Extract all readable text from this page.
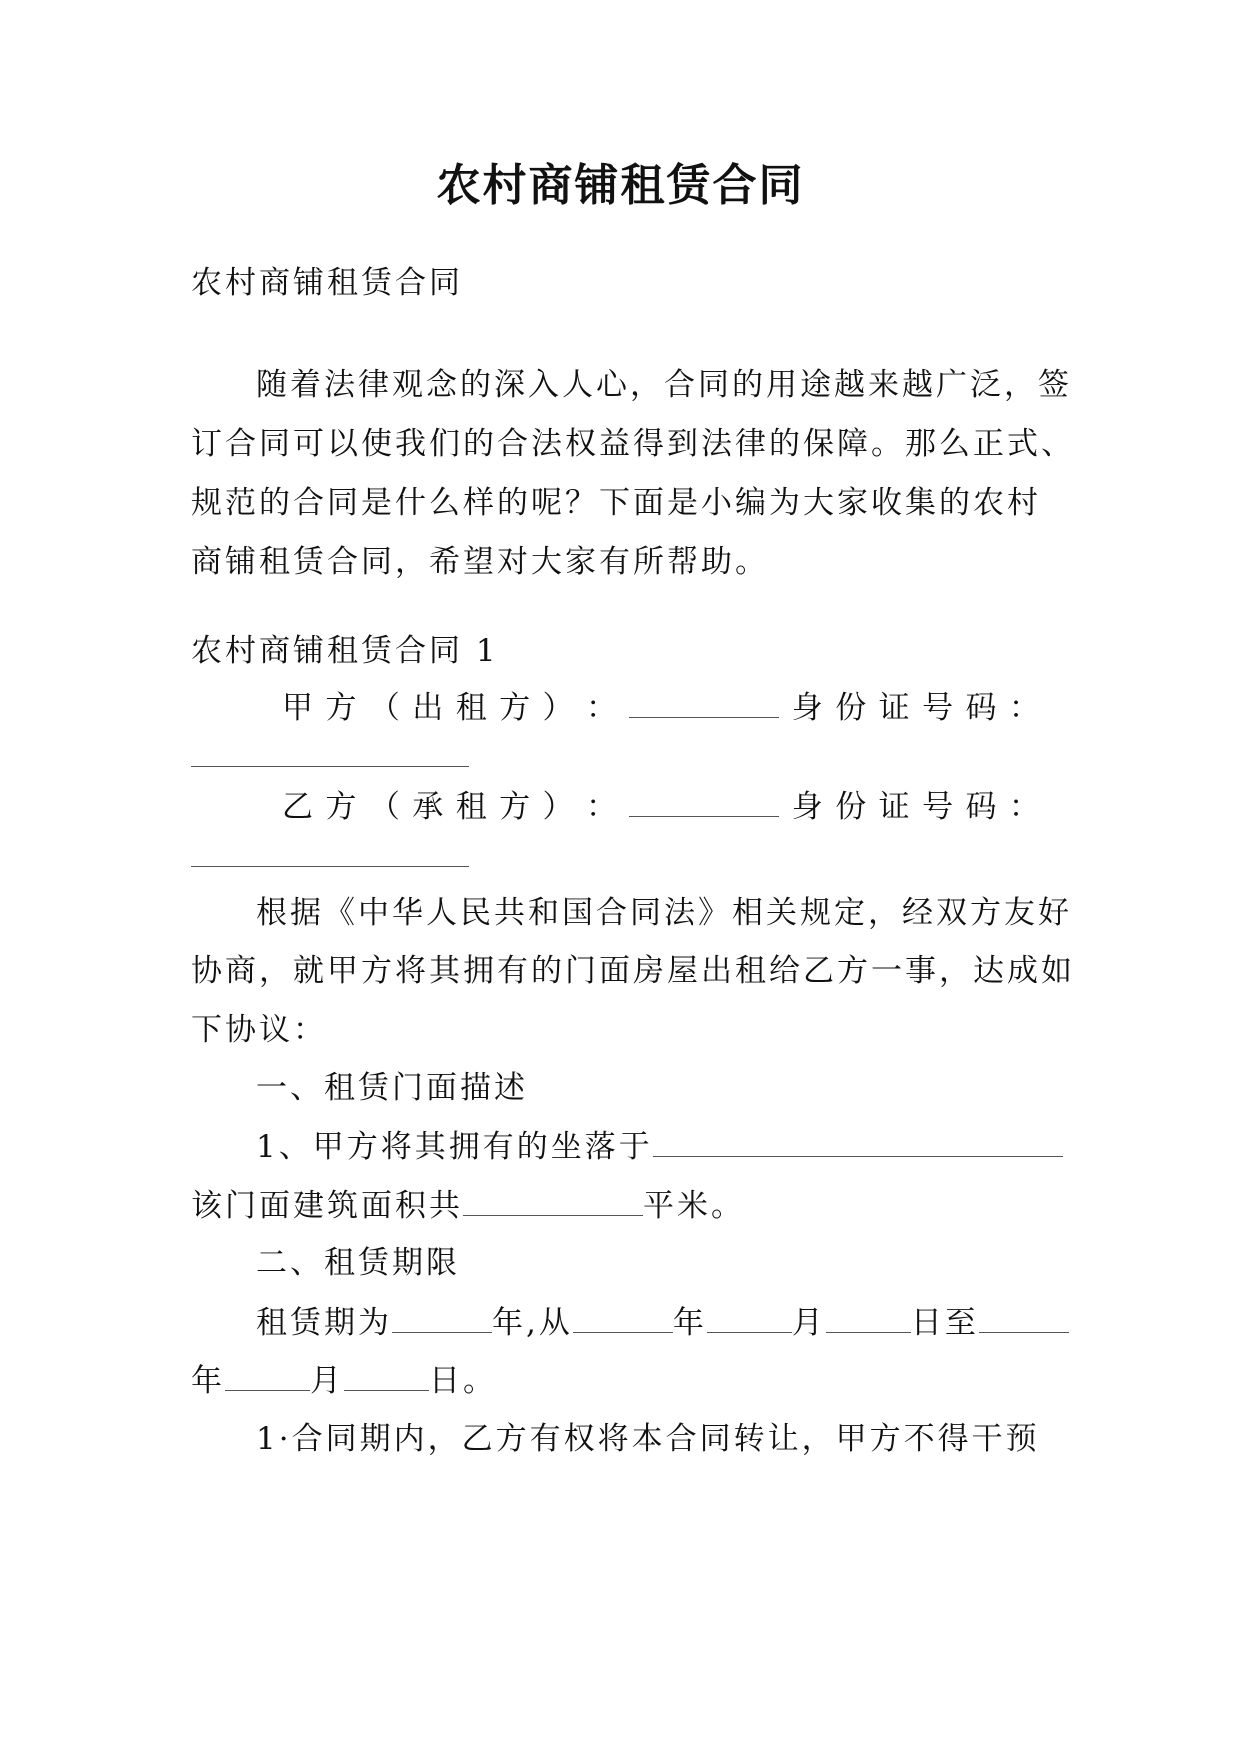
农村商铺租赁合同
农村商铺租赁合同
随着法律观念的深入人心，合同的用途越来越广泛，签
订合同可以使我们的合法权益得到法律的保障。那么正式、
规范的合同是什么样的呢？下面是小编为大家收集的农村
商铺租赁合同，希望对大家有所帮助。
农村商铺租赁合同 1
甲 方 （ 出 租 方 ） ：	身 份 证 号 码 ：
乙 方 （ 承 租 方 ） ：	身 份 证 号 码 ：
根据《中华人民共和国合同法》相关规定，经双方友好
协商，就甲方将其拥有的门面房屋出租给乙方一事，达成如
下协议：
一、租赁门面描述
1、甲方将其拥有的坐落于
该门面建筑面积共	平米。
二、租赁期限
租赁期为	年,从	年	月	日至
年	月	日。
1·合同期内，乙方有权将本合同转让，甲方不得干预
